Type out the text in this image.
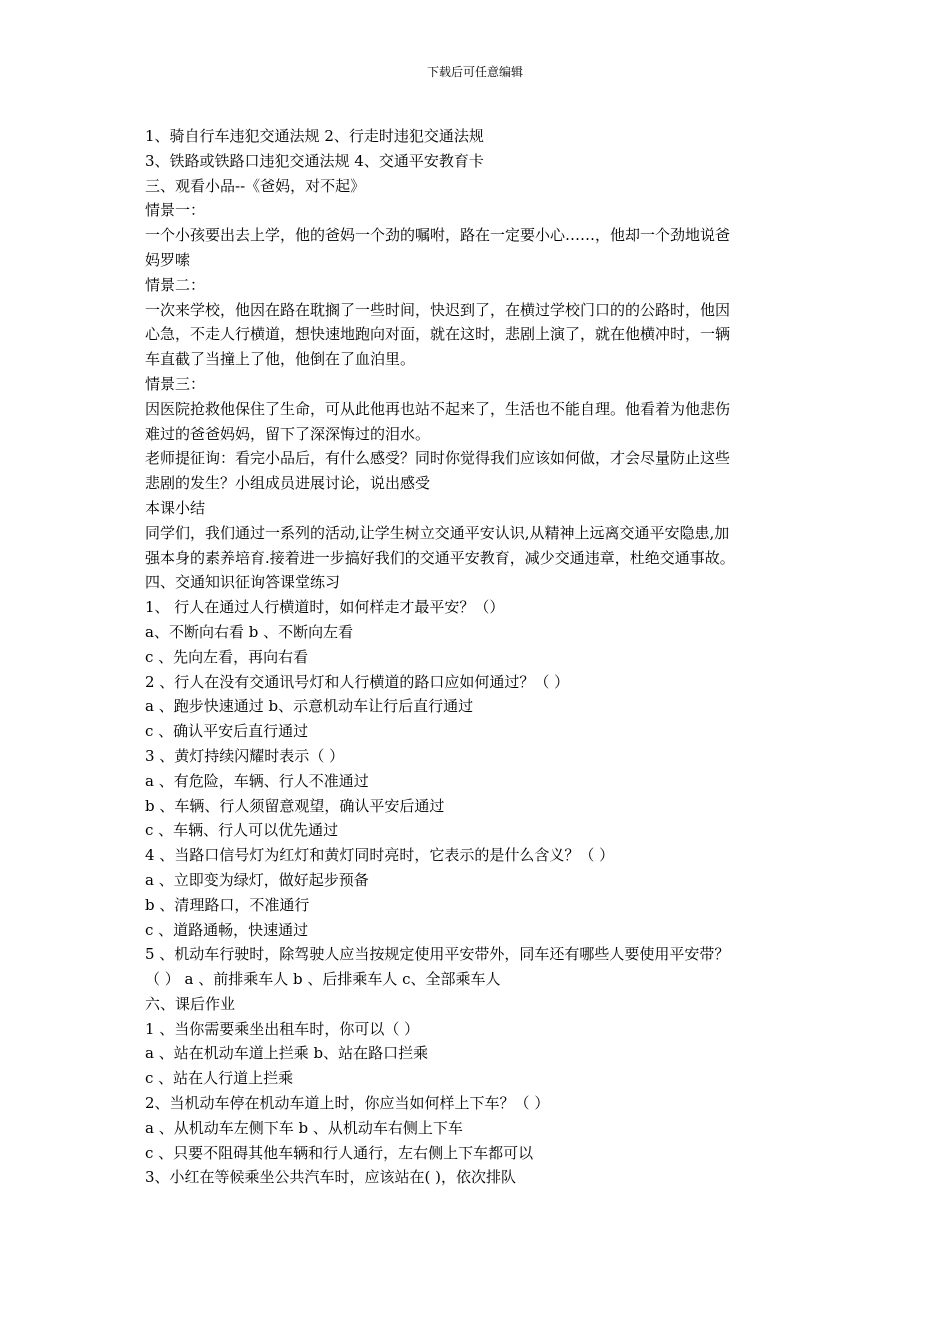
下载后可任意编辑
1、骑自行车违犯交通法规 2、行走时违犯交通法规
3、铁路或铁路口违犯交通法规 4、交通平安教育卡
三、观看小品--《爸妈，对不起》
情景一：
一个小孩要出去上学，他的爸妈一个劲的嘱咐，路在一定要小心……，他却一个劲地说爸
妈罗嗦
情景二：
一次来学校，他因在路在耽搁了一些时间，快迟到了，在横过学校门口的的公路时，他因
心急，不走人行横道，想快速地跑向对面，就在这时，悲剧上演了，就在他横冲时，一辆
车直截了当撞上了他，他倒在了血泊里。
情景三：
因医院抢救他保住了生命，可从此他再也站不起来了，生活也不能自理。他看着为他悲伤
难过的爸爸妈妈，留下了深深悔过的泪水。
老师提征询：看完小品后，有什么感受？同时你觉得我们应该如何做，才会尽量防止这些
悲剧的发生？小组成员进展讨论，说出感受
本课小结
同学们，我们通过一系列的活动,让学生树立交通平安认识,从精神上远离交通平安隐患,加
强本身的素养培育.接着进一步搞好我们的交通平安教育，减少交通违章，杜绝交通事故。
四、交通知识征询答课堂练习
1、 行人在通过人行横道时，如何样走才最平安？（）
a、不断向右看 b 、不断向左看
c 、先向左看，再向右看
2 、行人在没有交通讯号灯和人行横道的路口应如何通过？（ ）
a 、跑步快速通过 b、示意机动车让行后直行通过
c 、确认平安后直行通过
3 、黄灯持续闪耀时表示（ ）
a 、有危险，车辆、行人不准通过
b 、车辆、行人须留意观望，确认平安后通过
c 、车辆、行人可以优先通过
4 、当路口信号灯为红灯和黄灯同时亮时，它表示的是什么含义？（ ）
a 、立即变为绿灯，做好起步预备
b 、清理路口，不准通行
c 、道路通畅，快速通过
5 、机动车行驶时，除驾驶人应当按规定使用平安带外，同车还有哪些人要使用平安带？
（ ） a 、前排乘车人 b 、后排乘车人 c、全部乘车人
六、课后作业
1 、当你需要乘坐出租车时，你可以（ ）
a 、站在机动车道上拦乘 b、站在路口拦乘
c 、站在人行道上拦乘
2、当机动车停在机动车道上时，你应当如何样上下车？（ ）
a 、从机动车左侧下车 b 、从机动车右侧上下车
c 、只要不阻碍其他车辆和行人通行，左右侧上下车都可以
3、小红在等候乘坐公共汽车时，应该站在( )，依次排队
